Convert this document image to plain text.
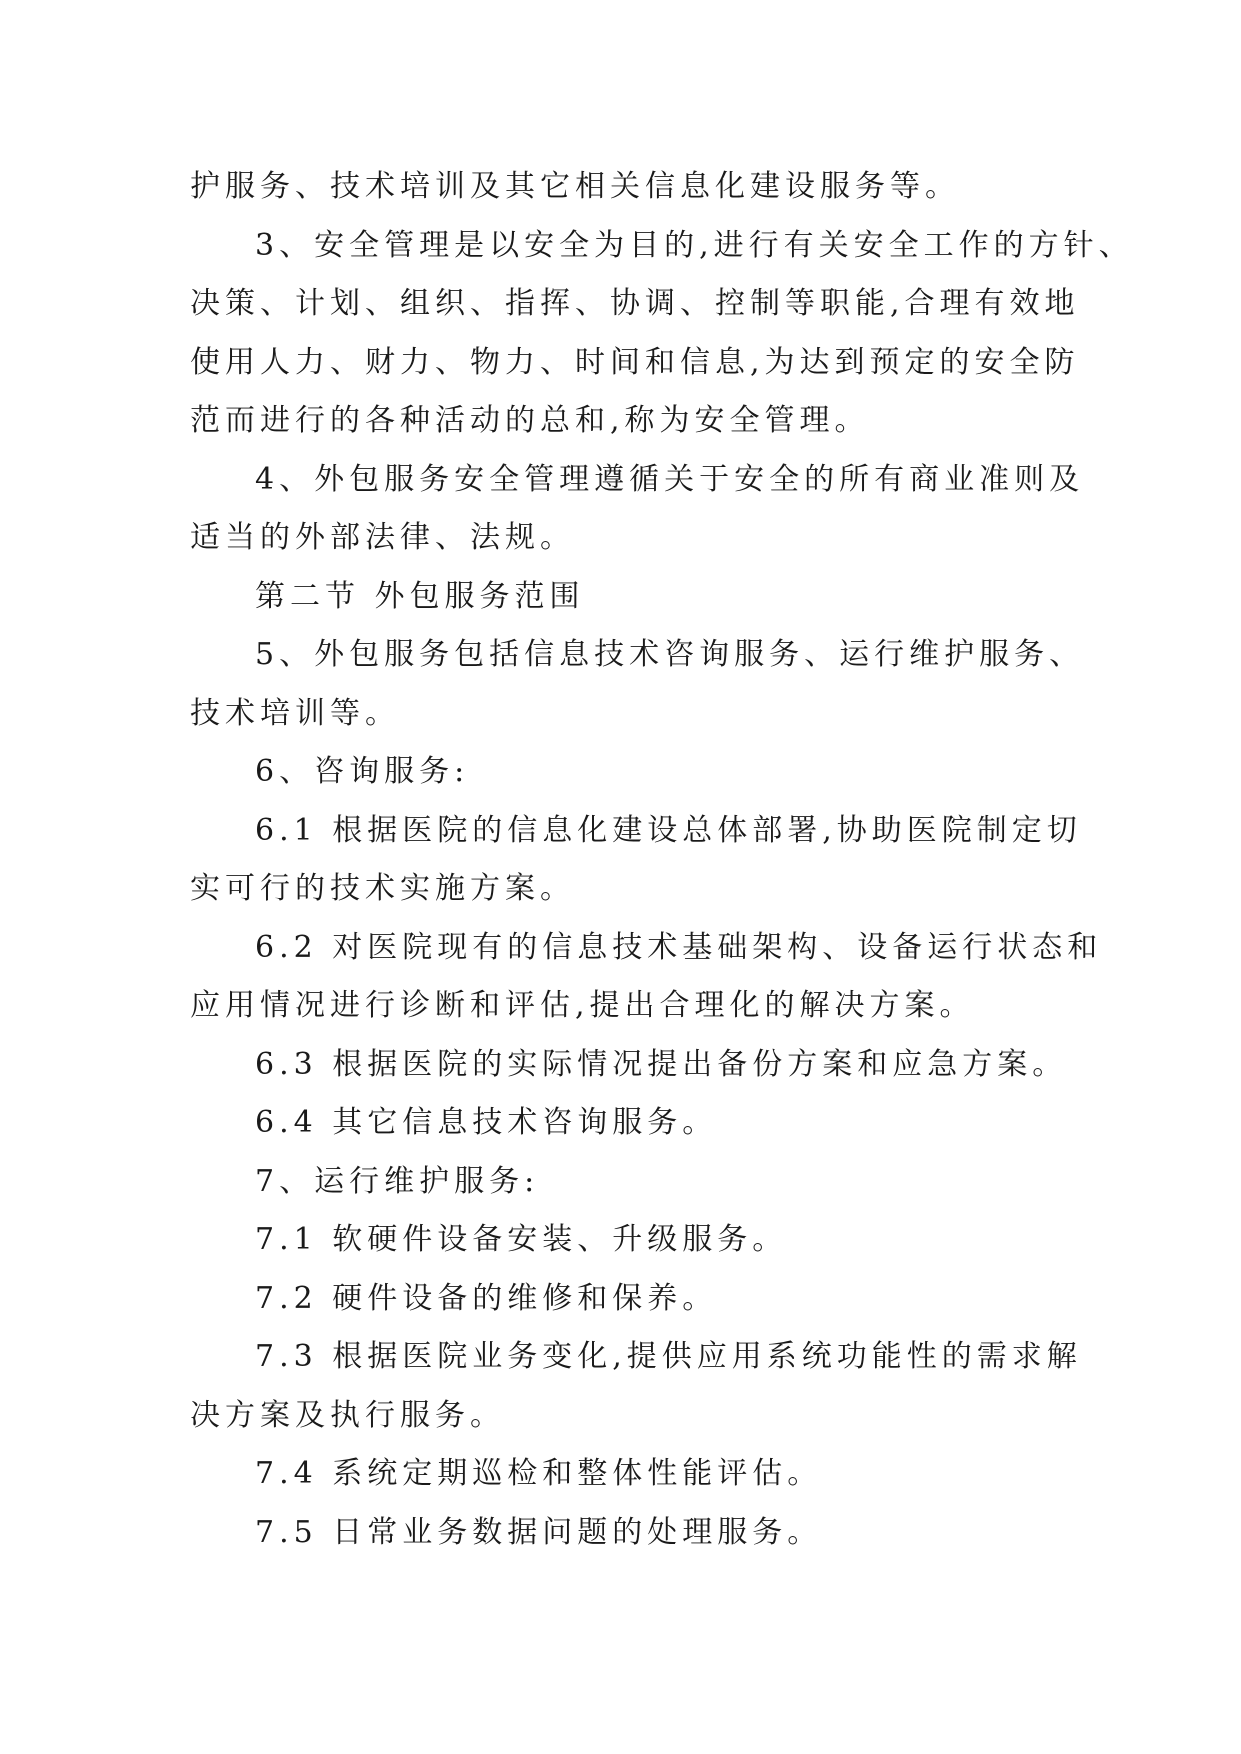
护服务、技术培训及其它相关信息化建设服务等。
3、安全管理是以安全为目的,进行有关安全工作的方针、
决策、计划、组织、指挥、协调、控制等职能,合理有效地
使用人力、财力、物力、时间和信息,为达到预定的安全防
范而进行的各种活动的总和,称为安全管理。
4、外包服务安全管理遵循关于安全的所有商业准则及
适当的外部法律、法规。
第二节 外包服务范围
5、外包服务包括信息技术咨询服务、运行维护服务、
技术培训等。
6、咨询服务:
6.1 根据医院的信息化建设总体部署,协助医院制定切
实可行的技术实施方案。
6.2 对医院现有的信息技术基础架构、设备运行状态和
应用情况进行诊断和评估,提出合理化的解决方案。
6.3 根据医院的实际情况提出备份方案和应急方案。
6.4 其它信息技术咨询服务。
7、运行维护服务:
7.1 软硬件设备安装、升级服务。
7.2 硬件设备的维修和保养。
7.3 根据医院业务变化,提供应用系统功能性的需求解
决方案及执行服务。
7.4 系统定期巡检和整体性能评估。
7.5 日常业务数据问题的处理服务。
